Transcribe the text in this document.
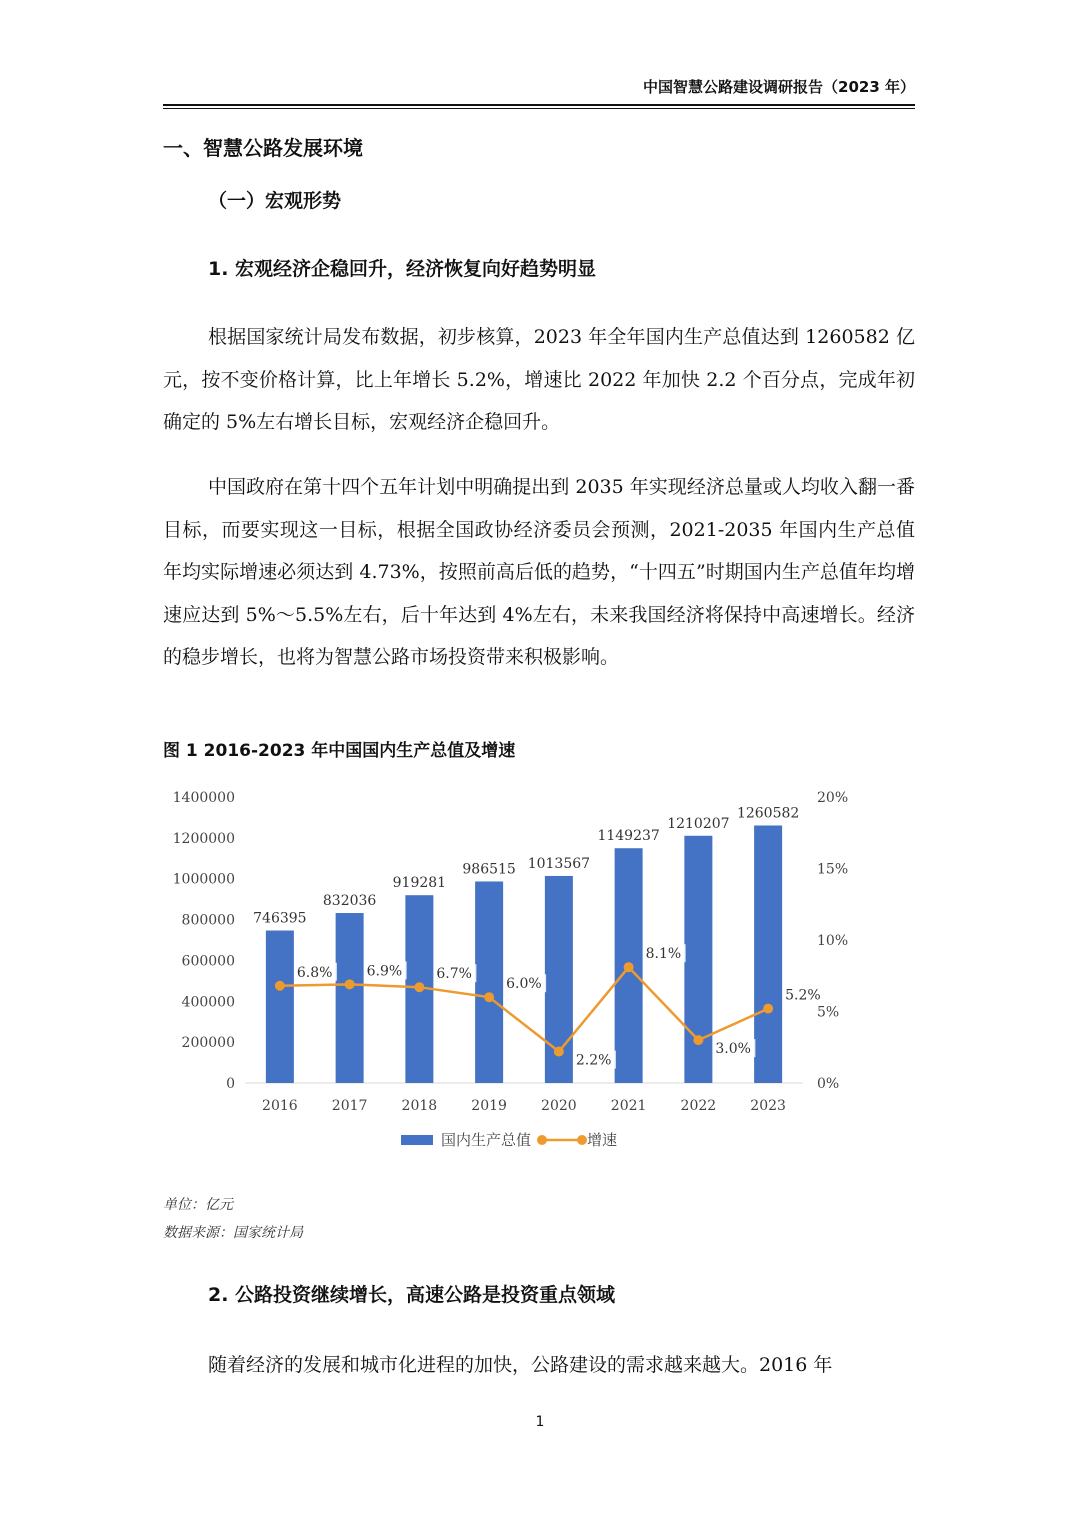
中国智慧公路建设调研报告（2023 年）
一、智慧公路发展环境
（一）宏观形势
1. 宏观经济企稳回升，经济恢复向好趋势明显

根据国家统计局发布数据，初步核算，2023 年全年国内生产总值达到 1260582 亿元，按不变价格计算，比上年增长 5.2%，增速比 2022 年加快 2.2 个百分点，完成年初确定的 5%左右增长目标，宏观经济企稳回升。

中国政府在第十四个五年计划中明确提出到 2035 年实现经济总量或人均收入翻一番目标，而要实现这一目标，根据全国政协经济委员会预测，2021-2035 年国内生产总值年均实际增速必须达到 4.73%，按照前高后低的趋势，“十四五”时期国内生产总值年均增速应达到 5%～5.5%左右，后十年达到 4%左右，未来我国经济将保持中高速增长。经济的稳步增长，也将为智慧公路市场投资带来积极影响。

图 1 2016-2023 年中国国内生产总值及增速
0
200000
400000
600000
800000
1000000
1200000
1400000
0%
5%
10%
15%
20%
746395
832036
919281
986515 1013567
1149237
1210207
1260582
2016 2017 2018 2019 2020 2021 2022 2023
6.8% 6.9% 6.7%
6.0%
2.2%
8.1%
3.0%
5.2%
国内生产总值	增速
单位：亿元
数据来源：国家统计局
2. 公路投资继续增长，高速公路是投资重点领域

随着经济的发展和城市化进程的加快，公路建设的需求越来越大。2016 年

1
